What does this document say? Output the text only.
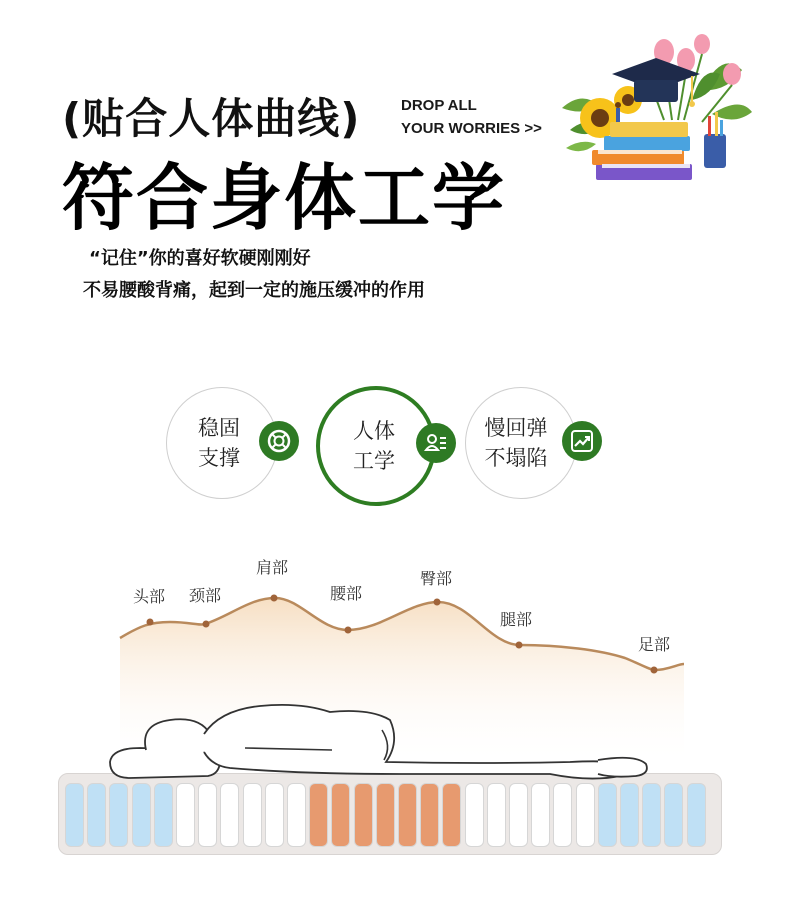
(贴合人体曲线)
符合身体工学
DROP ALL
YOUR WORRIES >>
“记住”你的喜好软硬刚刚好
不易腰酸背痛，起到一定的施压缓冲的作用
稳固
支撑
人体
工学
慢回弹
不塌陷
头部 颈部
肩部
腰部
臀部
腿部
足部
